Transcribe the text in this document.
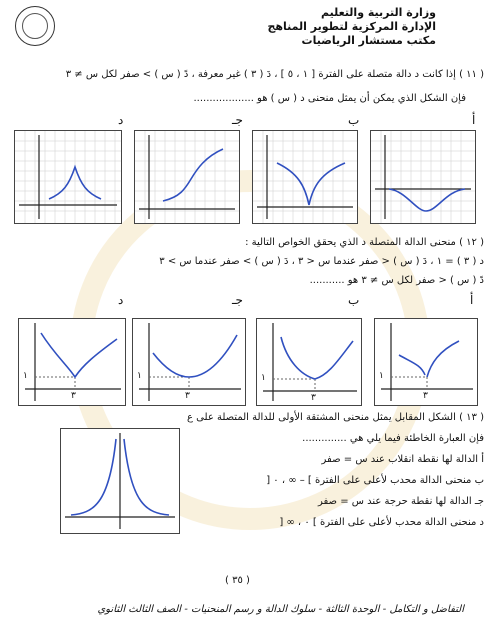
وزارة التربية والتعليم
الإدارة المركزية لتطوير المناهج
مكتب مستشار الرياضيات
( ١١ ) إذا كانت د دالة متصلة على الفترة [ ١ ، ٥ ] ، دَ ( ٣ ) غير معرفة ، دً ( س ) > صفر لكل س ≠ ٣
فإن الشكل الذي يمكن أن يمثل منحنى د ( س ) هو ...................
أ
ب
جـ
د
( ١٢ ) منحنى الدالة المتصلة د الذي يحقق الخواص التالية :
د ( ٣ ) = ١ ، دَ ( س ) < صفر عندما س < ٣ ، دَ ( س ) > صفر عندما س > ٣
دً ( س ) < صفر لكل س ≠ ٣ هو ...........
أ
ب
جـ
د
١
٣
١
٣
١
٣
١
٣
( ١٣ ) الشكل المقابل يمثل منحنى المشتقة الأولى للدالة المتصلة على ع
فإن العبارة الخاطئة فيما يلي هي ..............
أ الدالة لها نقطة انقلاب عند س = صفر
ب منحنى الدالة محدب لأعلى على الفترة ] – ∞ ، ٠ [
جـ الدالة لها نقطة حرجة عند س = صفر
د منحنى الدالة محدب لأعلى على الفترة ] ٠ ، ∞ [
( ٣٥ )
التفاضل و التكامل - الوحدة الثالثة - سلوك الدالة و رسم المنحنيات - الصف الثالث الثانوي
